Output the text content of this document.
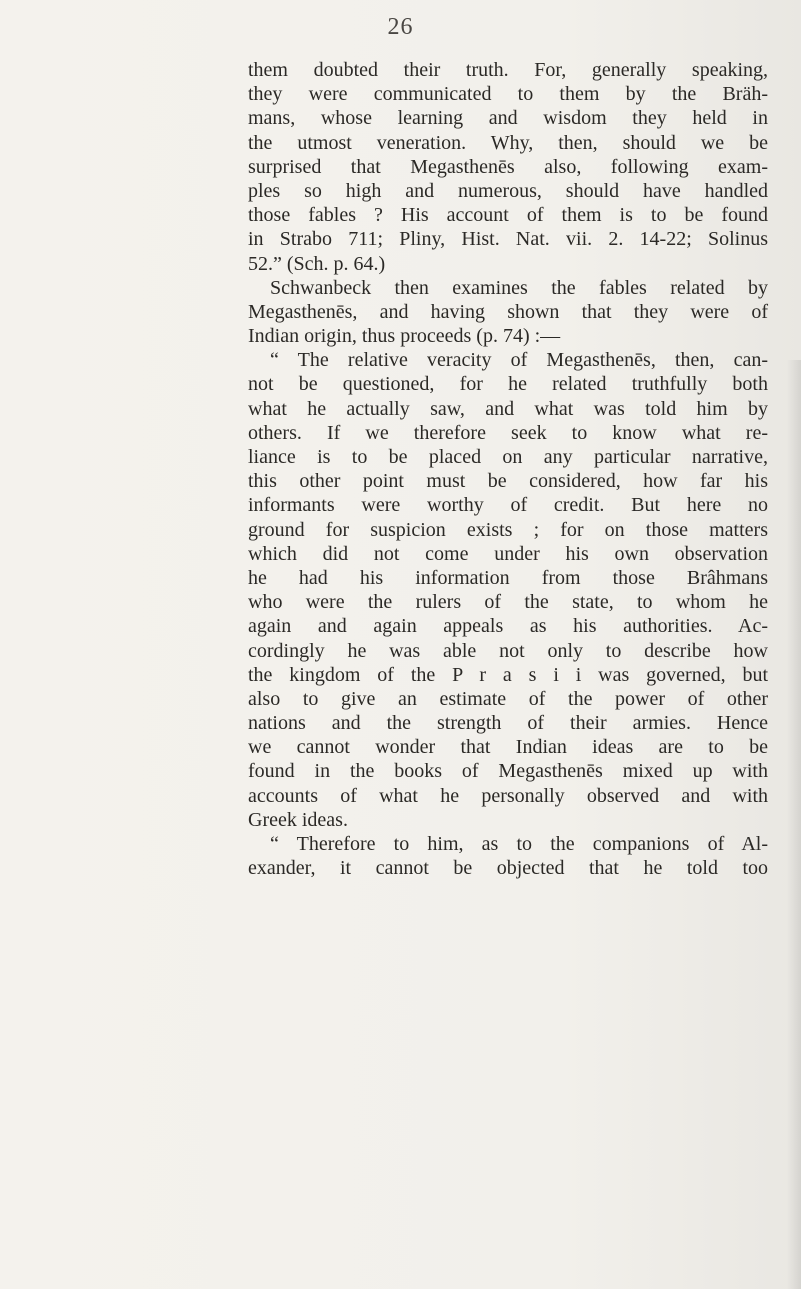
26
them doubted their truth. For, generally speaking,
they were communicated to them by the Bräh-
mans, whose learning and wisdom they held in
the utmost veneration. Why, then, should we be
surprised that Megasthenēs also, following exam-
ples so high and numerous, should have handled
those fables ? His account of them is to be found
in Strabo 711; Pliny, Hist. Nat. vii. 2. 14-22; Solinus
52.” (Sch. p. 64.)
Schwanbeck then examines the fables related by
Megasthenēs, and having shown that they were of
Indian origin, thus proceeds (p. 74) :—
“ The relative veracity of Megasthenēs, then, can-
not be questioned, for he related truthfully both
what he actually saw, and what was told him by
others. If we therefore seek to know what re-
liance is to be placed on any particular narrative,
this other point must be considered, how far his
informants were worthy of credit. But here no
ground for suspicion exists ; for on those matters
which did not come under his own observation
he had his information from those Brâhmans
who were the rulers of the state, to whom he
again and again appeals as his authorities. Ac-
cordingly he was able not only to describe how
the kingdom of the P r a s i i was governed, but
also to give an estimate of the power of other
nations and the strength of their armies. Hence
we cannot wonder that Indian ideas are to be
found in the books of Megasthenēs mixed up with
accounts of what he personally observed and with
Greek ideas.
“ Therefore to him, as to the companions of Al-
exander, it cannot be objected that he told too
